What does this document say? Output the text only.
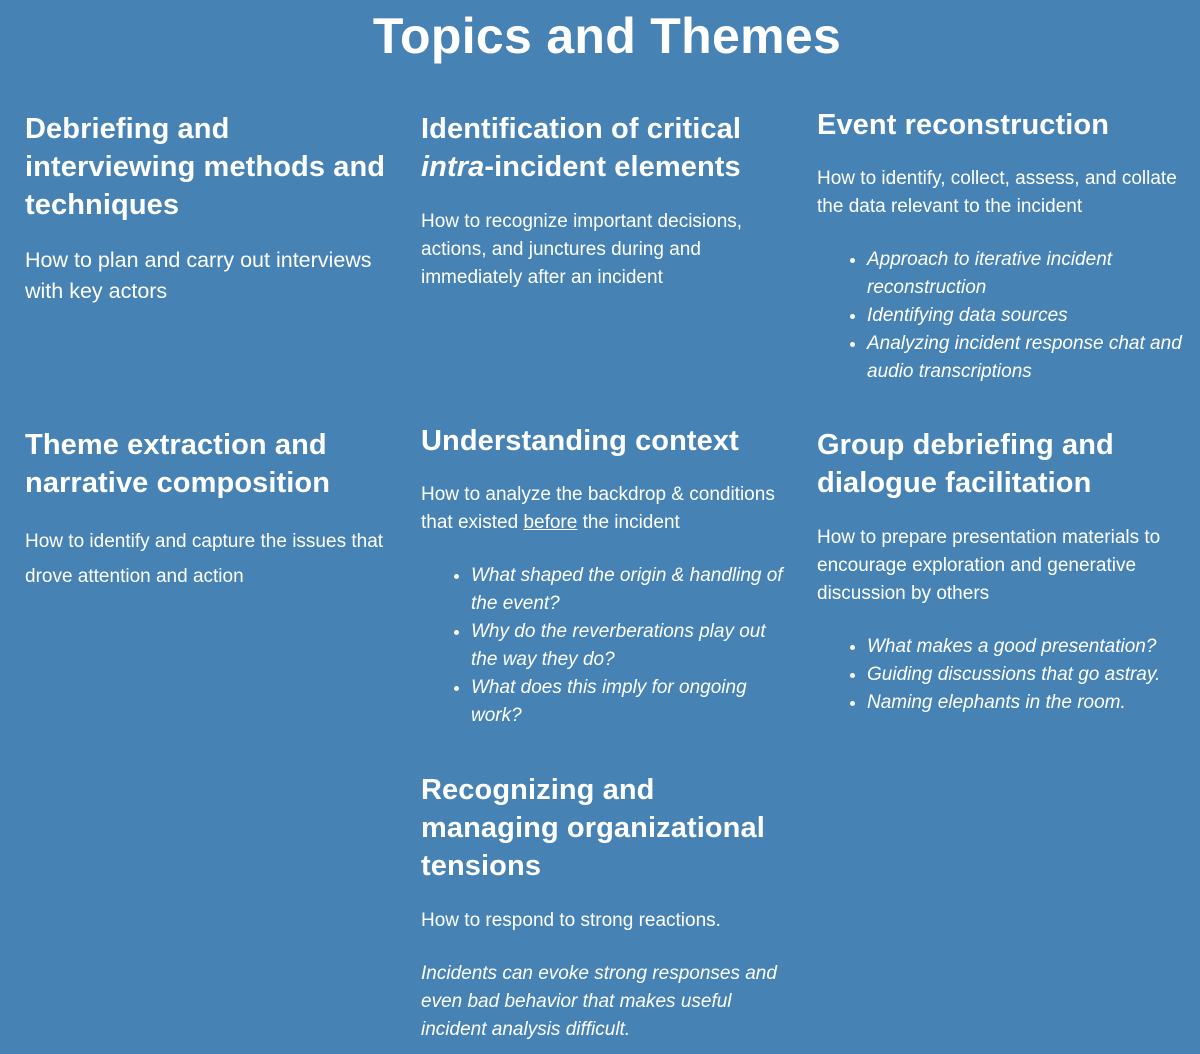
Topics and Themes
Debriefing and interviewing methods and techniques

How to plan and carry out interviews with key actors

Identification of critical
intra-incident elements

How to recognize important decisions, actions, and junctures during and immediately after an incident

Event reconstruction

How to identify, collect, assess, and collate the data relevant to the incident

• Approach to iterative incident reconstruction
• Identifying data sources
• Analyzing incident response chat and audio transcriptions
Theme extraction and narrative composition

How to identify and capture the issues that drove attention and action

Understanding context

How to analyze the backdrop & conditions that existed before the incident

• What shaped the origin & handling of the event?
• Why do the reverberations play out the way they do?
• What does this imply for ongoing work?
Group debriefing and dialogue facilitation

How to prepare presentation materials to encourage exploration and generative discussion by others

• What makes a good presentation?
• Guiding discussions that go astray.
• Naming elephants in the room.
Recognizing and managing organizational tensions

How to respond to strong reactions.

Incidents can evoke strong responses and even bad behavior that makes useful incident analysis difficult.
